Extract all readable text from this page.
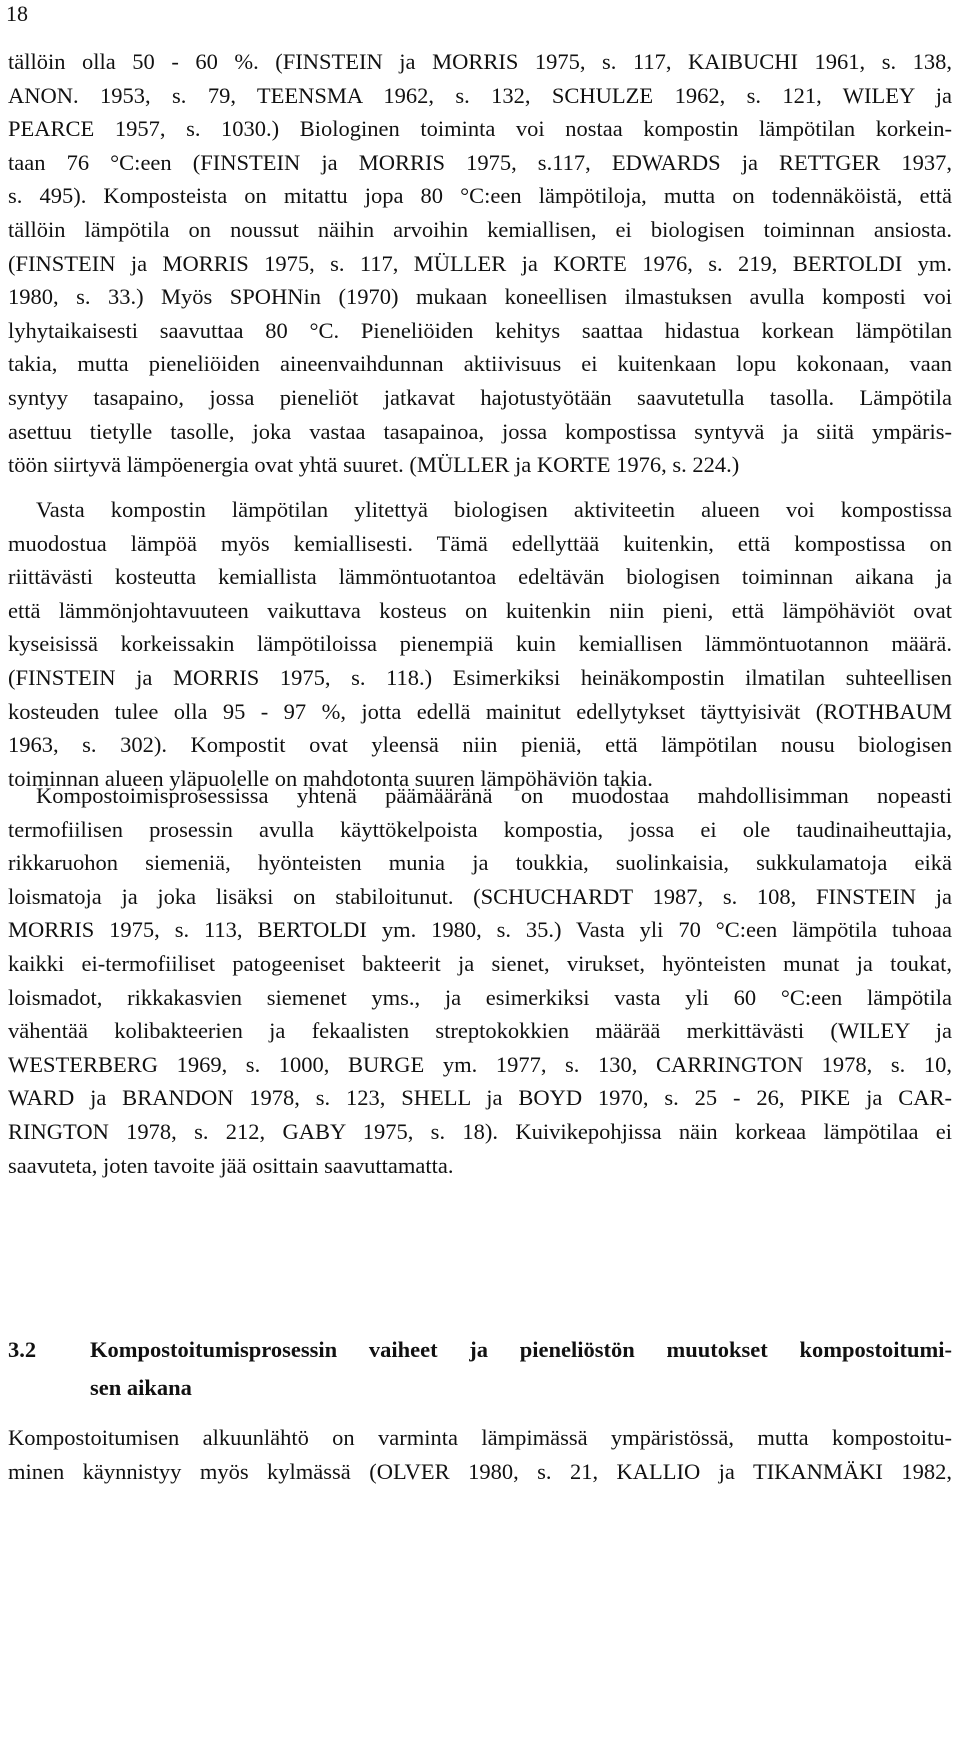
18
tällöin olla 50 - 60 %. (FINSTEIN ja MORRIS 1975, s. 117, KAIBUCHI 1961, s. 138,
ANON. 1953, s. 79, TEENSMA 1962, s. 132, SCHULZE 1962, s. 121, WILEY ja
PEARCE 1957, s. 1030.) Biologinen toiminta voi nostaa kompostin lämpötilan korkein-
taan 76 °C:een (FINSTEIN ja MORRIS 1975, s.117, EDWARDS ja RETTGER 1937,
s. 495). Komposteista on mitattu jopa 80 °C:een lämpötiloja, mutta on todennäköistä, että
tällöin lämpötila on noussut näihin arvoihin kemiallisen, ei biologisen toiminnan ansiosta.
(FINSTEIN ja MORRIS 1975, s. 117, MÜLLER ja KORTE 1976, s. 219, BERTOLDI ym.
1980, s. 33.) Myös SPOHNin (1970) mukaan koneellisen ilmastuksen avulla komposti voi
lyhytaikaisesti saavuttaa 80 °C. Pieneliöiden kehitys saattaa hidastua korkean lämpötilan
takia, mutta pieneliöiden aineenvaihdunnan aktiivisuus ei kuitenkaan lopu kokonaan, vaan
syntyy tasapaino, jossa pieneliöt jatkavat hajotustyötään saavutetulla tasolla. Lämpötila
asettuu tietylle tasolle, joka vastaa tasapainoa, jossa kompostissa syntyvä ja siitä ympäris-
töön siirtyvä lämpöenergia ovat yhtä suuret. (MÜLLER ja KORTE 1976, s. 224.)
Vasta kompostin lämpötilan ylitettyä biologisen aktiviteetin alueen voi kompostissa
muodostua lämpöä myös kemiallisesti. Tämä edellyttää kuitenkin, että kompostissa on
riittävästi kosteutta kemiallista lämmöntuotantoa edeltävän biologisen toiminnan aikana ja
että lämmönjohtavuuteen vaikuttava kosteus on kuitenkin niin pieni, että lämpöhäviöt ovat
kyseisissä korkeissakin lämpötiloissa pienempiä kuin kemiallisen lämmöntuotannon määrä.
(FINSTEIN ja MORRIS 1975, s. 118.) Esimerkiksi heinäkompostin ilmatilan suhteellisen
kosteuden tulee olla 95 - 97 %, jotta edellä mainitut edellytykset täyttyisivät (ROTHBAUM
1963, s. 302). Kompostit ovat yleensä niin pieniä, että lämpötilan nousu biologisen
toiminnan alueen yläpuolelle on mahdotonta suuren lämpöhäviön takia.
Kompostoimisprosessissa yhtenä päämääränä on muodostaa mahdollisimman nopeasti
termofiilisen prosessin avulla käyttökelpoista kompostia, jossa ei ole taudinaiheuttajia,
rikkaruohon siemeniä, hyönteisten munia ja toukkia, suolinkaisia, sukkulamatoja eikä
loismatoja ja joka lisäksi on stabiloitunut. (SCHUCHARDT 1987, s. 108, FINSTEIN ja
MORRIS 1975, s. 113, BERTOLDI ym. 1980, s. 35.) Vasta yli 70 °C:een lämpötila tuhoaa
kaikki ei-termofiiliset patogeeniset bakteerit ja sienet, virukset, hyönteisten munat ja toukat,
loismadot, rikkakasvien siemenet yms., ja esimerkiksi vasta yli 60 °C:een lämpötila
vähentää kolibakteerien ja fekaalisten streptokokkien määrää merkittävästi (WILEY ja
WESTERBERG 1969, s. 1000, BURGE ym. 1977, s. 130, CARRINGTON 1978, s. 10,
WARD ja BRANDON 1978, s. 123, SHELL ja BOYD 1970, s. 25 - 26, PIKE ja CAR-
RINGTON 1978, s. 212, GABY 1975, s. 18). Kuivikepohjissa näin korkeaa lämpötilaa ei
saavuteta, joten tavoite jää osittain saavuttamatta.
Kompostoitumisen alkuunlähtö on varminta lämpimässä ympäristössä, mutta kompostoitu-
minen käynnistyy myös kylmässä (OLVER 1980, s. 21, KALLIO ja TIKANMÄKI 1982,
3.2	Kompostoitumisprosessin vaiheet ja pieneliöstön muutokset kompostoitumi-
sen aikana
